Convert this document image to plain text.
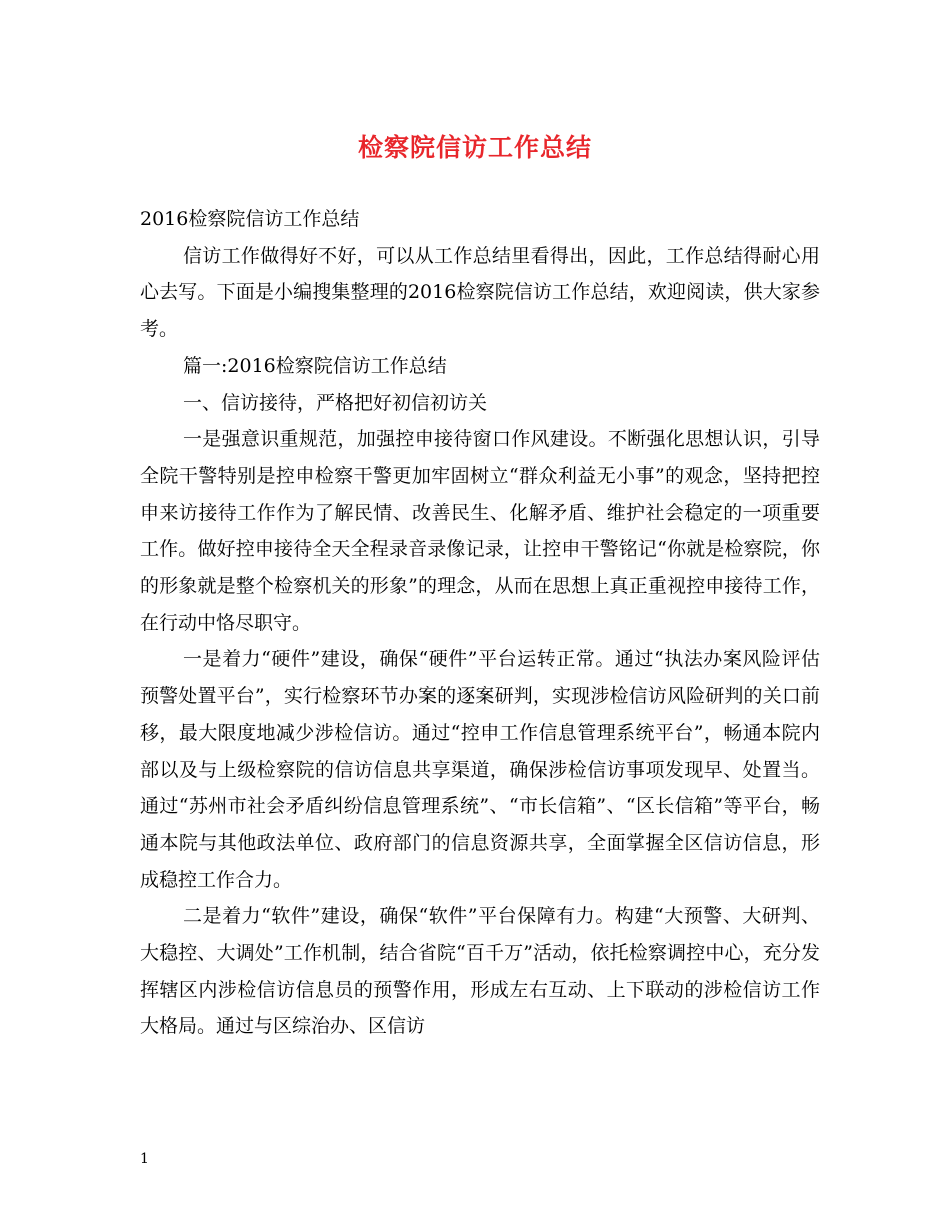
检察院信访工作总结

2016检察院信访工作总结

信访工作做得好不好，可以从工作总结里看得出，因此，工作总结得耐心用心去写。下面是小编搜集整理的2016检察院信访工作总结，欢迎阅读，供大家参考。

篇一:2016检察院信访工作总结

一、信访接待，严格把好初信初访关

一是强意识重规范，加强控申接待窗口作风建设。不断强化思想认识，引导全院干警特别是控申检察干警更加牢固树立“群众利益无小事”的观念，坚持把控申来访接待工作作为了解民情、改善民生、化解矛盾、维护社会稳定的一项重要工作。做好控申接待全天全程录音录像记录，让控申干警铭记“你就是检察院，你的形象就是整个检察机关的形象”的理念，从而在思想上真正重视控申接待工作，在行动中恪尽职守。

一是着力“硬件”建设，确保“硬件”平台运转正常。通过“执法办案风险评估预警处置平台”，实行检察环节办案的逐案研判，实现涉检信访风险研判的关口前移，最大限度地减少涉检信访。通过“控申工作信息管理系统平台”，畅通本院内部以及与上级检察院的信访信息共享渠道，确保涉检信访事项发现早、处置当。通过“苏州市社会矛盾纠纷信息管理系统”、“市长信箱”、“区长信箱”等平台，畅通本院与其他政法单位、政府部门的信息资源共享，全面掌握全区信访信息，形成稳控工作合力。

二是着力“软件”建设，确保“软件”平台保障有力。构建“大预警、大研判、大稳控、大调处”工作机制，结合省院“百千万”活动，依托检察调控中心，充分发挥辖区内涉检信访信息员的预警作用，形成左右互动、上下联动的涉检信访工作大格局。通过与区综治办、区信访

1
